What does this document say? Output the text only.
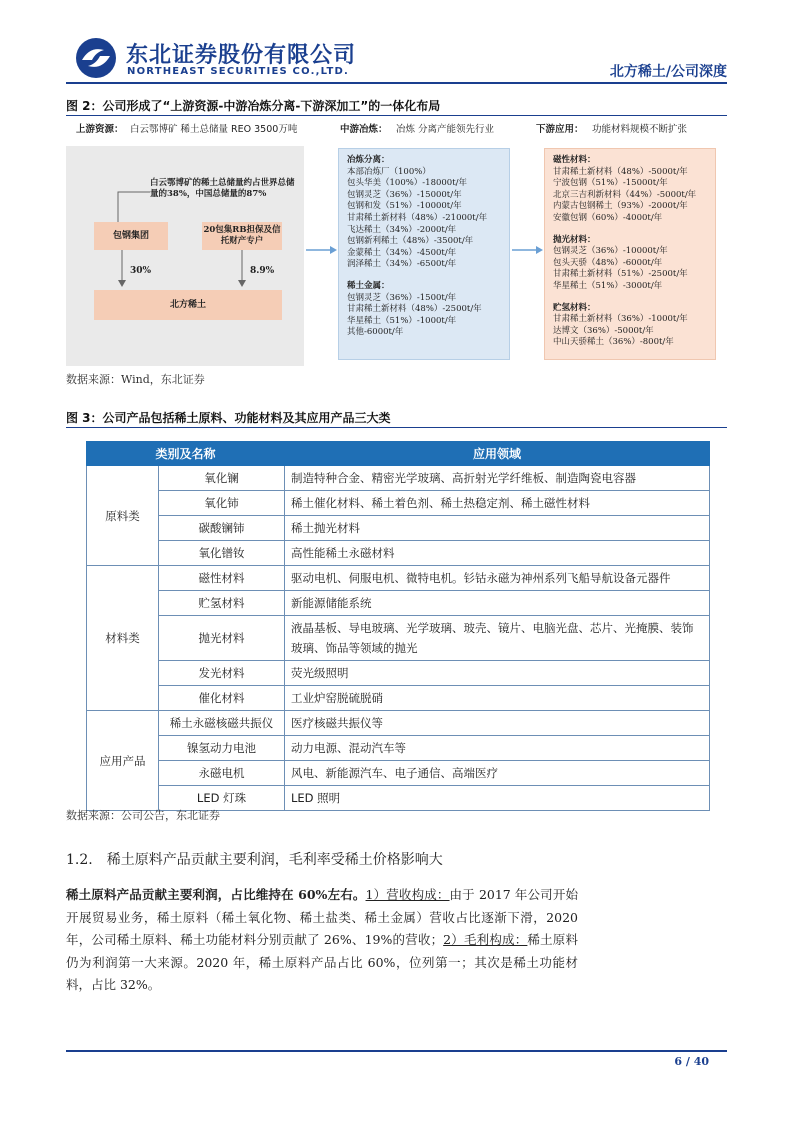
东北证券股份有限公司
NORTHEAST SECURITIES CO.,LTD.	北方稀土/公司深度
图 2：公司形成了“上游资源-中游冶炼分离-下游深加工”的一体化布局
上游资源： 白云鄂博矿 稀土总储量 REO 3500万吨	中游冶炼： 冶炼 分离产能领先行业	下游应用： 功能材料规模不断扩张
白云鄂博矿的稀土总储量约占世界总储量的38%，中国总储量的87%
包钢集团
20包集RB担保及信托财产专户
30%	8.9%
北方稀土
冶炼分离：
本部冶炼厂（100%）
包头华美（100%）-18000t/年
包钢灵芝（36%）-15000t/年
包钢和发（51%）-10000t/年
甘肃稀土新材料（48%）-21000t/年
飞达稀土（34%）-2000t/年
包钢新利稀土（48%）-3500t/年
金蒙稀土（34%）-4500t/年
润泽稀土（34%）-6500t/年
稀土金属：
包钢灵芝（36%）-1500t/年
甘肃稀土新材料（48%）-2500t/年
华星稀土（51%）-1000t/年
其他-6000t/年
磁性材料：
甘肃稀土新材料（48%）-5000t/年
宁波包钢（51%）-15000t/年
北京三吉利新材料（44%）-5000t/年
内蒙古包钢稀土（93%）-2000t/年
安徽包钢（60%）-4000t/年
抛光材料：
包钢灵芝（36%）-10000t/年
包头天骄（48%）-6000t/年
甘肃稀土新材料（51%）-2500t/年
华星稀土（51%）-3000t/年
贮氢材料：
甘肃稀土新材料（36%）-1000t/年
达博文（36%）-5000t/年
中山天骄稀土（36%）-800t/年
数据来源：Wind，东北证券
图 3：公司产品包括稀土原料、功能材料及其应用产品三大类
类别及名称		应用领域
原料类	氧化镧	制造特种合金、精密光学玻璃、高折射光学纤维板、制造陶瓷电容器
	氧化铈	稀土催化材料、稀土着色剂、稀土热稳定剂、稀土磁性材料
	碳酸镧铈	稀土抛光材料
	氧化镨钕	高性能稀土永磁材料
材料类	磁性材料	驱动电机、伺服电机、微特电机。钐钴永磁为神州系列飞船导航设备元器件
	贮氢材料	新能源储能系统
	抛光材料	液晶基板、导电玻璃、光学玻璃、玻壳、镜片、电脑光盘、芯片、光掩膜、装饰玻璃、饰品等领域的抛光
	发光材料	荧光级照明
	催化材料	工业炉窑脱硫脱硝
应用产品	稀土永磁核磁共振仪	医疗核磁共振仪等
	镍氢动力电池	动力电源、混动汽车等
	永磁电机	风电、新能源汽车、电子通信、高端医疗
	LED 灯珠	LED 照明
数据来源：公司公告，东北证券
1.2.　稀土原料产品贡献主要利润，毛利率受稀土价格影响大
稀土原料产品贡献主要利润，占比维持在 60%左右。1）营收构成：由于 2017 年公司开始开展贸易业务，稀土原料（稀土氧化物、稀土盐类、稀土金属）营收占比逐渐下滑，2020 年，公司稀土原料、稀土功能材料分别贡献了 26%、19%的营收；2）毛利构成：稀土原料仍为利润第一大来源。2020 年，稀土原料产品占比 60%，位列第一；其次是稀土功能材料，占比 32%。
6 / 40
